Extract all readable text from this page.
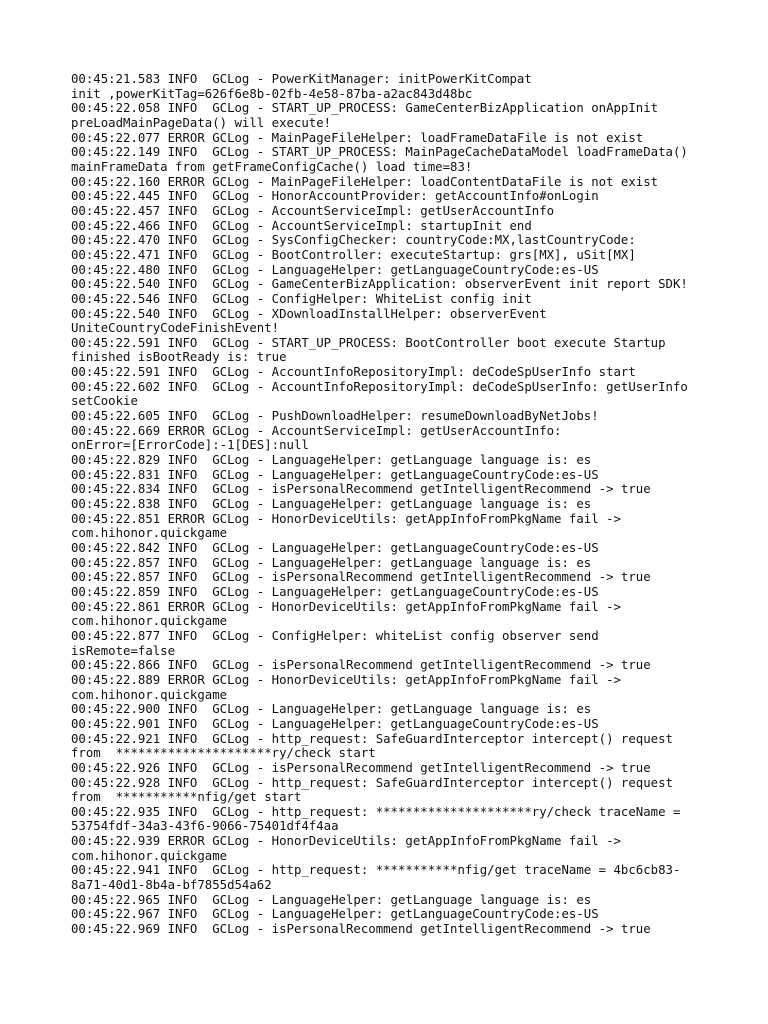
00:45:21.583 INFO  GCLog - PowerKitManager: initPowerKitCompat
init ,powerKitTag=626f6e8b-02fb-4e58-87ba-a2ac843d48bc
00:45:22.058 INFO  GCLog - START_UP_PROCESS: GameCenterBizApplication onAppInit
preLoadMainPageData() will execute!
00:45:22.077 ERROR GCLog - MainPageFileHelper: loadFrameDataFile is not exist
00:45:22.149 INFO  GCLog - START_UP_PROCESS: MainPageCacheDataModel loadFrameData()
mainFrameData from getFrameConfigCache() load time=83!
00:45:22.160 ERROR GCLog - MainPageFileHelper: loadContentDataFile is not exist
00:45:22.445 INFO  GCLog - HonorAccountProvider: getAccountInfo#onLogin
00:45:22.457 INFO  GCLog - AccountServiceImpl: getUserAccountInfo
00:45:22.466 INFO  GCLog - AccountServiceImpl: startupInit end
00:45:22.470 INFO  GCLog - SysConfigChecker: countryCode:MX,lastCountryCode:
00:45:22.471 INFO  GCLog - BootController: executeStartup: grs[MX], uSit[MX]
00:45:22.480 INFO  GCLog - LanguageHelper: getLanguageCountryCode:es-US
00:45:22.540 INFO  GCLog - GameCenterBizApplication: observerEvent init report SDK!
00:45:22.546 INFO  GCLog - ConfigHelper: WhiteList config init
00:45:22.540 INFO  GCLog - XDownloadInstallHelper: observerEvent
UniteCountryCodeFinishEvent!
00:45:22.591 INFO  GCLog - START_UP_PROCESS: BootController boot execute Startup
finished isBootReady is: true
00:45:22.591 INFO  GCLog - AccountInfoRepositoryImpl: deCodeSpUserInfo start
00:45:22.602 INFO  GCLog - AccountInfoRepositoryImpl: deCodeSpUserInfo: getUserInfo
setCookie
00:45:22.605 INFO  GCLog - PushDownloadHelper: resumeDownloadByNetJobs!
00:45:22.669 ERROR GCLog - AccountServiceImpl: getUserAccountInfo:
onError=[ErrorCode]:-1[DES]:null
00:45:22.829 INFO  GCLog - LanguageHelper: getLanguage language is: es
00:45:22.831 INFO  GCLog - LanguageHelper: getLanguageCountryCode:es-US
00:45:22.834 INFO  GCLog - isPersonalRecommend getIntelligentRecommend -> true
00:45:22.838 INFO  GCLog - LanguageHelper: getLanguage language is: es
00:45:22.851 ERROR GCLog - HonorDeviceUtils: getAppInfoFromPkgName fail ->
com.hihonor.quickgame
00:45:22.842 INFO  GCLog - LanguageHelper: getLanguageCountryCode:es-US
00:45:22.857 INFO  GCLog - LanguageHelper: getLanguage language is: es
00:45:22.857 INFO  GCLog - isPersonalRecommend getIntelligentRecommend -> true
00:45:22.859 INFO  GCLog - LanguageHelper: getLanguageCountryCode:es-US
00:45:22.861 ERROR GCLog - HonorDeviceUtils: getAppInfoFromPkgName fail ->
com.hihonor.quickgame
00:45:22.877 INFO  GCLog - ConfigHelper: whiteList config observer send
isRemote=false
00:45:22.866 INFO  GCLog - isPersonalRecommend getIntelligentRecommend -> true
00:45:22.889 ERROR GCLog - HonorDeviceUtils: getAppInfoFromPkgName fail ->
com.hihonor.quickgame
00:45:22.900 INFO  GCLog - LanguageHelper: getLanguage language is: es
00:45:22.901 INFO  GCLog - LanguageHelper: getLanguageCountryCode:es-US
00:45:22.921 INFO  GCLog - http_request: SafeGuardInterceptor intercept() request
from  *********************ry/check start
00:45:22.926 INFO  GCLog - isPersonalRecommend getIntelligentRecommend -> true
00:45:22.928 INFO  GCLog - http_request: SafeGuardInterceptor intercept() request
from  ***********nfig/get start
00:45:22.935 INFO  GCLog - http_request: *********************ry/check traceName =
53754fdf-34a3-43f6-9066-75401df4f4aa
00:45:22.939 ERROR GCLog - HonorDeviceUtils: getAppInfoFromPkgName fail ->
com.hihonor.quickgame
00:45:22.941 INFO  GCLog - http_request: ***********nfig/get traceName = 4bc6cb83-
8a71-40d1-8b4a-bf7855d54a62
00:45:22.965 INFO  GCLog - LanguageHelper: getLanguage language is: es
00:45:22.967 INFO  GCLog - LanguageHelper: getLanguageCountryCode:es-US
00:45:22.969 INFO  GCLog - isPersonalRecommend getIntelligentRecommend -> true
